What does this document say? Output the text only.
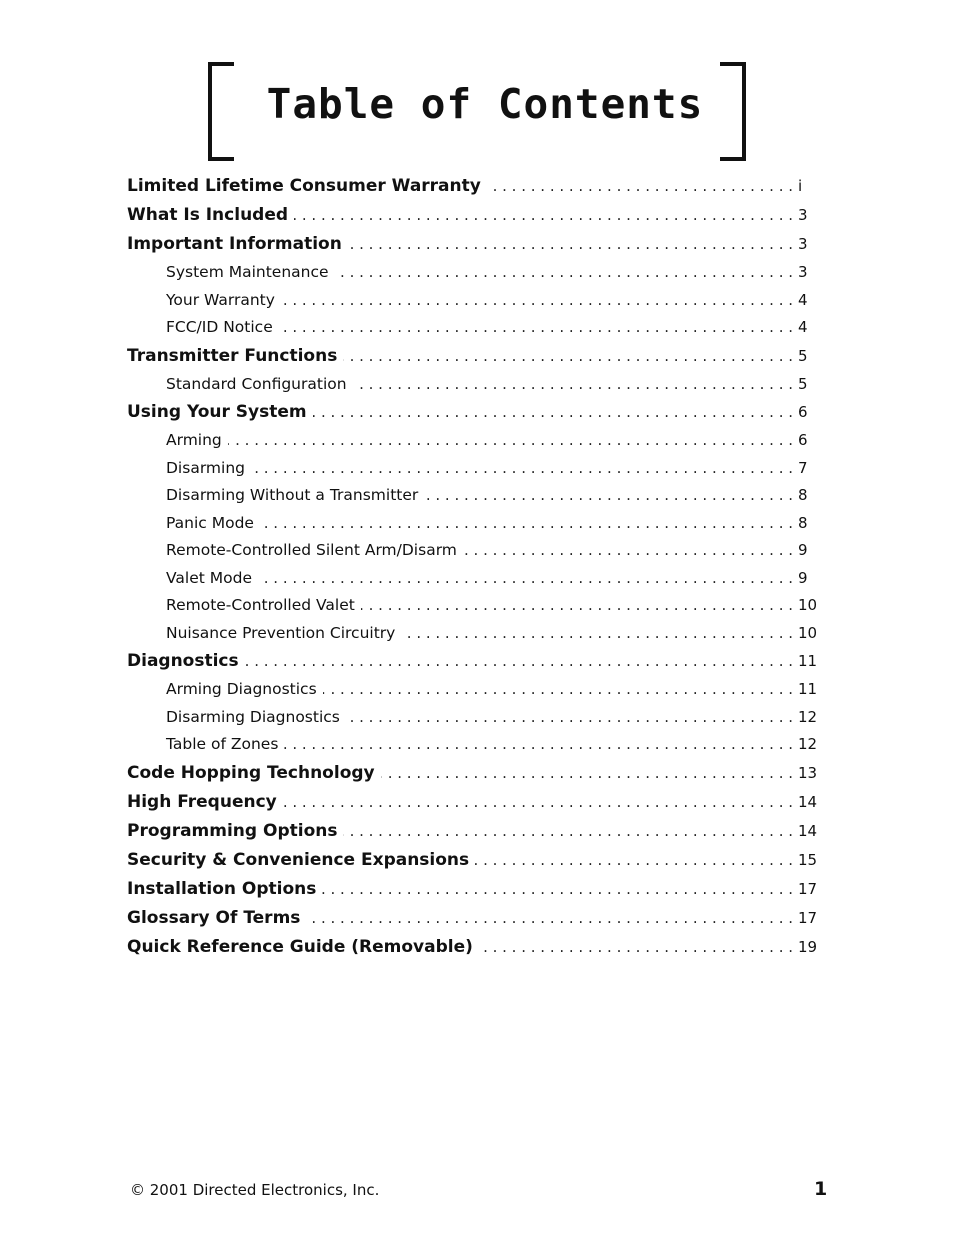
Table of Contents
Limited Lifetime Consumer Warranty . . .	i
What Is Included . . .	3
Important Information . . .	3
System Maintenance . . .	3
Your Warranty . . .	4
FCC/ID Notice . . .	4
Transmitter Functions . . .	5
Standard Configuration . . .	5
Using Your System . . .	6
Arming . . .	6
Disarming . . .	7
Disarming Without a Transmitter . . .	8
Panic Mode . . .	8
Remote-Controlled Silent Arm/Disarm . . .	9
Valet Mode . . .	9
Remote-Controlled Valet . . .	10
Nuisance Prevention Circuitry . . .	10
Diagnostics . . .	11
Arming Diagnostics . . .	11
Disarming Diagnostics . . .	12
Table of Zones . . .	12
Code Hopping Technology . . .	13
High Frequency . . .	14
Programming Options . . .	14
Security & Convenience Expansions . . .	15
Installation Options . . .	17
Glossary Of Terms . . .	17
Quick Reference Guide (Removable) . . .	19
© 2001 Directed Electronics, Inc.	1
